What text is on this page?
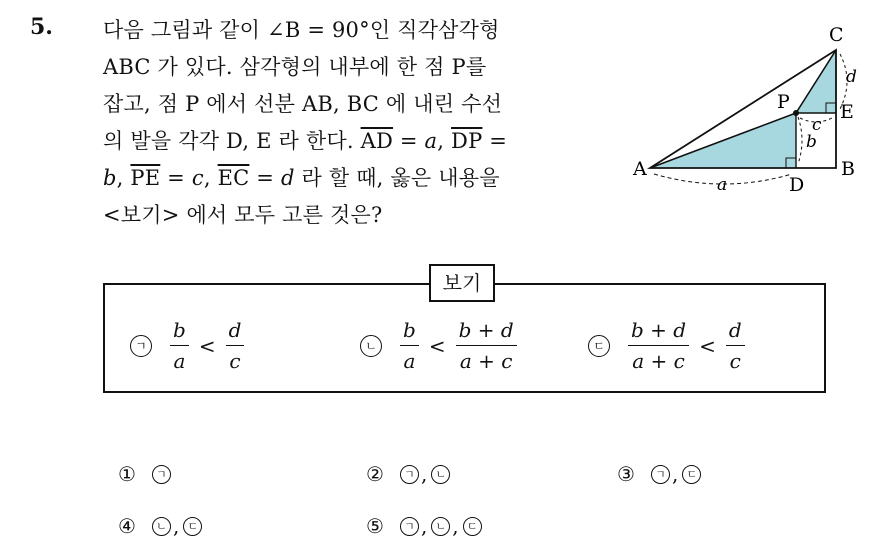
5. 다음 그림과 같이 ∠B = 90°인 직각삼각형
ABC 가 있다. 삼각형의 내부에 한 점 P를
잡고, 점 P 에서 선분 AB, BC 에 내린 수선
의 발을 각각 D, E 라 한다. $\overline{AD} = a$, $\overline{DP}$ =
b, $\overline{PE} = c$, $\overline{EC} = d$ 라 할 때, 옳은 내용을
<보기> 에서 모두 고른 것은?
A	B
C
P
D
E
a
b
c
d
보기
ㄱ $\frac{b}{a} < \frac{d}{c}$	ㄴ $\frac{b}{a} < \frac{b + d}{a + c}$	ㄷ $\frac{b + d}{a + c} < \frac{d}{c}$
①	ㄱ	②	ㄱ , ㄴ	③	ㄱ , ㄷ
④	ㄴ , ㄷ	⑤	ㄱ , ㄴ , ㄷ
